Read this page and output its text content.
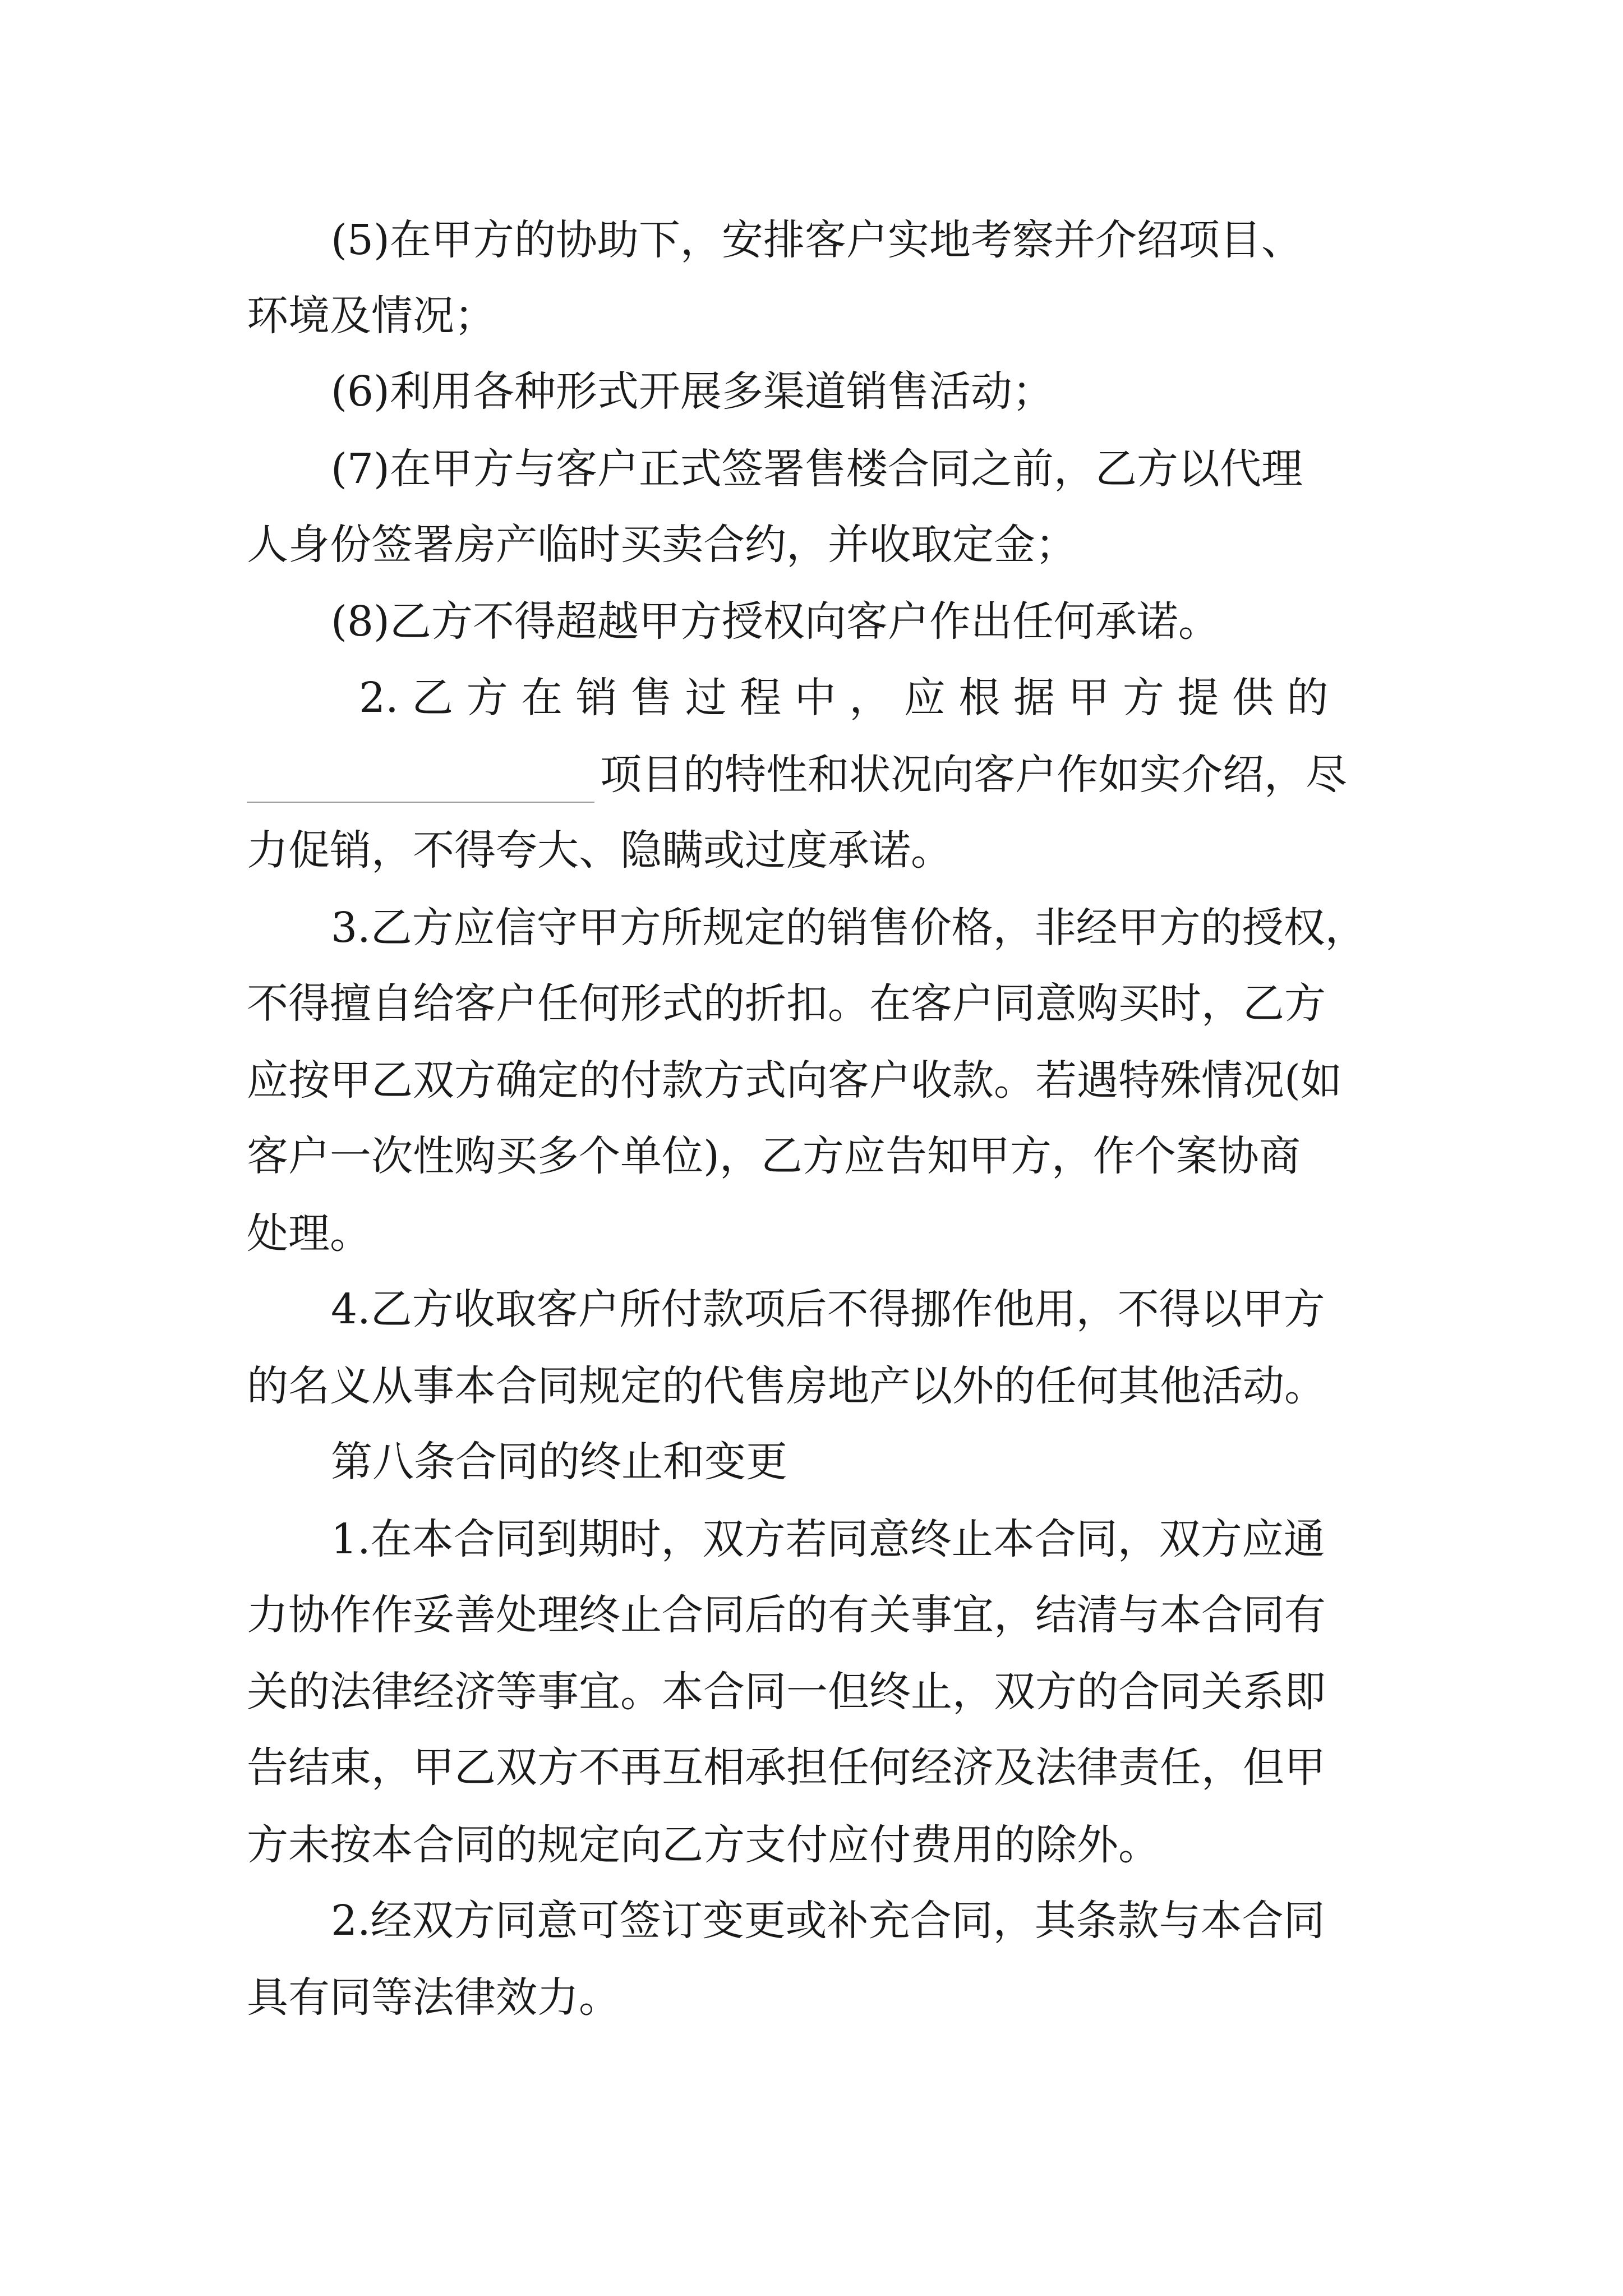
(5)在甲方的协助下，安排客户实地考察并介绍项目、
环境及情况；
(6)利用各种形式开展多渠道销售活动；
(7)在甲方与客户正式签署售楼合同之前，乙方以代理
人身份签署房产临时买卖合约，并收取定金；
(8)乙方不得超越甲方授权向客户作出任何承诺。
2. 乙 方 在 销 售 过 程 中 ， 应 根 据 甲 方 提 供 的
项目的特性和状况向客户作如实介绍，尽
力促销，不得夸大、隐瞒或过度承诺。
3.乙方应信守甲方所规定的销售价格，非经甲方的授权，
不得擅自给客户任何形式的折扣。在客户同意购买时，乙方
应按甲乙双方确定的付款方式向客户收款。若遇特殊情况(如
客户一次性购买多个单位)，乙方应告知甲方，作个案协商
处理。
4.乙方收取客户所付款项后不得挪作他用，不得以甲方
的名义从事本合同规定的代售房地产以外的任何其他活动。
第八条合同的终止和变更
1.在本合同到期时，双方若同意终止本合同，双方应通
力协作作妥善处理终止合同后的有关事宜，结清与本合同有
关的法律经济等事宜。本合同一但终止，双方的合同关系即
告结束，甲乙双方不再互相承担任何经济及法律责任，但甲
方未按本合同的规定向乙方支付应付费用的除外。
2.经双方同意可签订变更或补充合同，其条款与本合同
具有同等法律效力。
